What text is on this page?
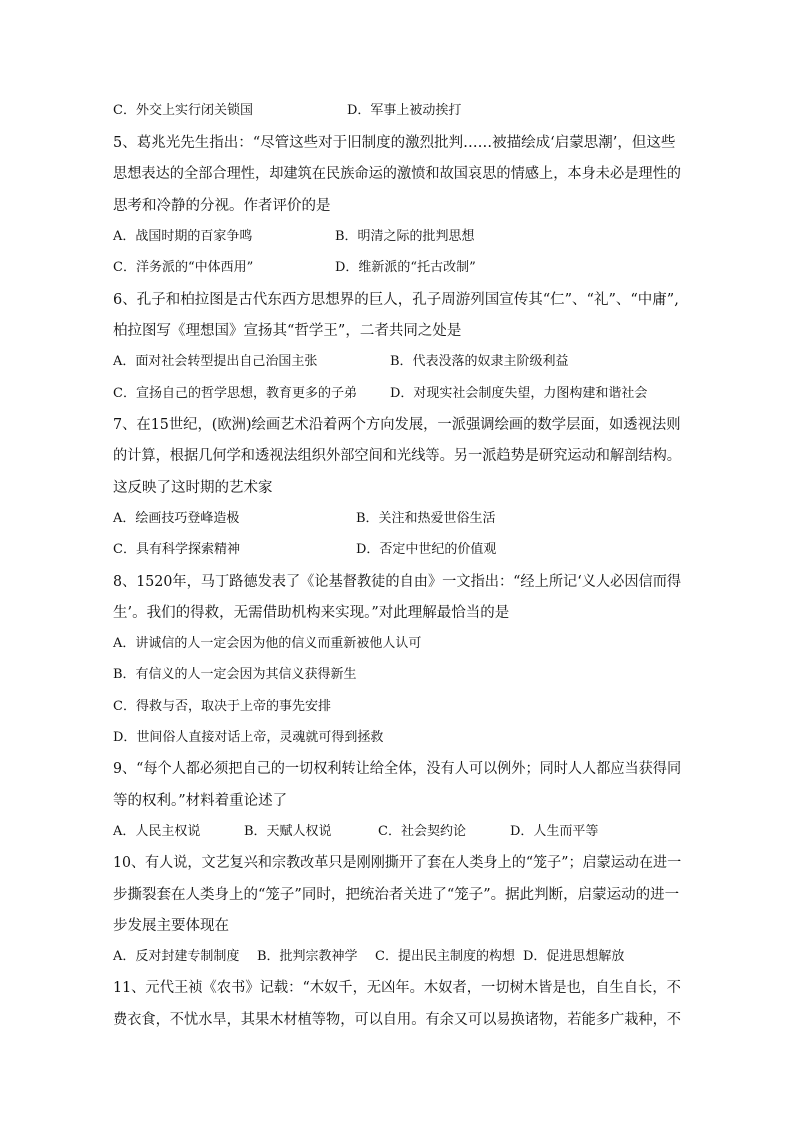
C．外交上实行闭关锁国	D．军事上被动挨打
5、葛兆光先生指出：“尽管这些对于旧制度的激烈批判……被描绘成‘启蒙思潮’，但这些
思想表达的全部合理性，却建筑在民族命运的激愤和故国哀思的情感上，本身未必是理性的
思考和冷静的分视。作者评价的是
A．战国时期的百家争鸣	B．明清之际的批判思想
C．洋务派的“中体西用”	D．维新派的“托古改制”
6、孔子和柏拉图是古代东西方思想界的巨人，孔子周游列国宣传其“仁”、“礼”、“中庸”,
柏拉图写《理想国》宣扬其“哲学王”，二者共同之处是
A．面对社会转型提出自己治国主张	B．代表没落的奴隶主阶级利益
C．宣扬自己的哲学思想，教育更多的子弟	D．对现实社会制度失望，力图构建和谐社会
7、在15世纪，(欧洲)绘画艺术沿着两个方向发展，一派强调绘画的数学层面，如透视法则
的计算，根据几何学和透视法组织外部空间和光线等。另一派趋势是研究运动和解剖结构。
这反映了这时期的艺术家
A．绘画技巧登峰造极	B．关注和热爱世俗生活
C．具有科学探索精神	D．否定中世纪的价值观
8、1520年，马丁路德发表了《论基督教徒的自由》一文指出：“经上所记‘义人必因信而得
生’。我们的得救，无需借助机构来实现。”对此理解最恰当的是
A．讲诚信的人一定会因为他的信义而重新被他人认可
B．有信义的人一定会因为其信义获得新生
C．得救与否，取决于上帝的事先安排
D．世间俗人直接对话上帝，灵魂就可得到拯救
9、“每个人都必须把自己的一切权利转让给全体，没有人可以例外；同时人人都应当获得同
等的权利。”材料着重论述了
A．人民主权说	B．天赋人权说	C．社会契约论	D．人生而平等
10、有人说，文艺复兴和宗教改革只是刚刚撕开了套在人类身上的“笼子”；启蒙运动在进一
步撕裂套在人类身上的“笼子”同时，把统治者关进了“笼子”。据此判断，启蒙运动的进一
步发展主要体现在
A．反对封建专制制度 B．批判宗教神学 C．提出民主制度的构想 D．促进思想解放
11、元代王祯《农书》记载：“木奴千，无凶年。木奴者，一切树木皆是也，自生自长，不
费衣食，不忧水旱，其果木材植等物，可以自用。有余又可以易换诸物，若能多广栽种，不
